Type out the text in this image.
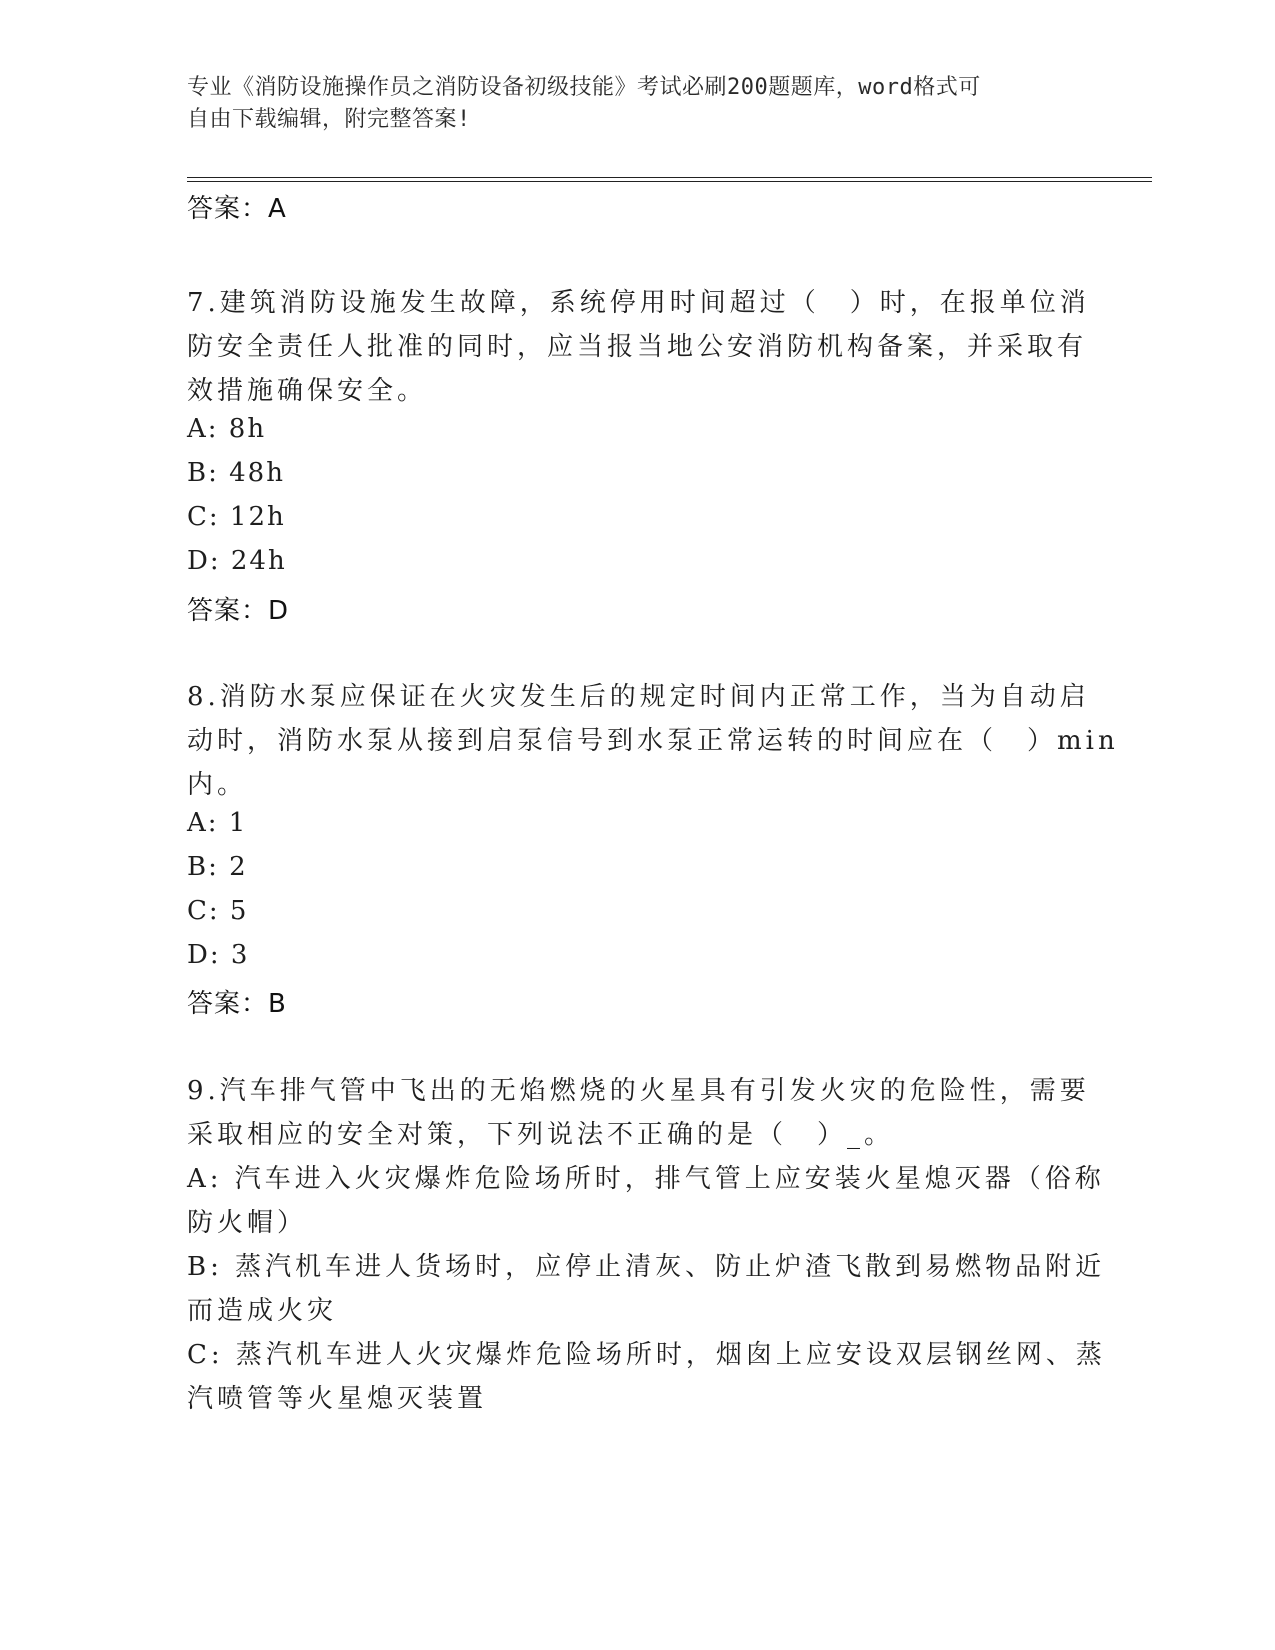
专业《消防设施操作员之消防设备初级技能》考试必刷200题题库，word格式可
自由下载编辑，附完整答案!
答案：A
7.建筑消防设施发生故障，系统停用时间超过（　）时，在报单位消
防安全责任人批准的同时，应当报当地公安消防机构备案，并采取有
效措施确保安全。
A: 8h
B: 48h
C: 12h
D: 24h
答案：D
8.消防水泵应保证在火灾发生后的规定时间内正常工作，当为自动启
动时，消防水泵从接到启泵信号到水泵正常运转的时间应在（　）min
内。
A: 1
B: 2
C: 5
D: 3
答案：B
9.汽车排气管中飞出的无焰燃烧的火星具有引发火灾的危险性，需要
采取相应的安全对策，下列说法不正确的是（　）_。
A: 汽车进入火灾爆炸危险场所时，排气管上应安装火星熄灭器（俗称
防火帽）
B: 蒸汽机车进人货场时，应停止清灰、防止炉渣飞散到易燃物品附近
而造成火灾
C: 蒸汽机车进人火灾爆炸危险场所时，烟囱上应安设双层钢丝网、蒸
汽喷管等火星熄灭装置
